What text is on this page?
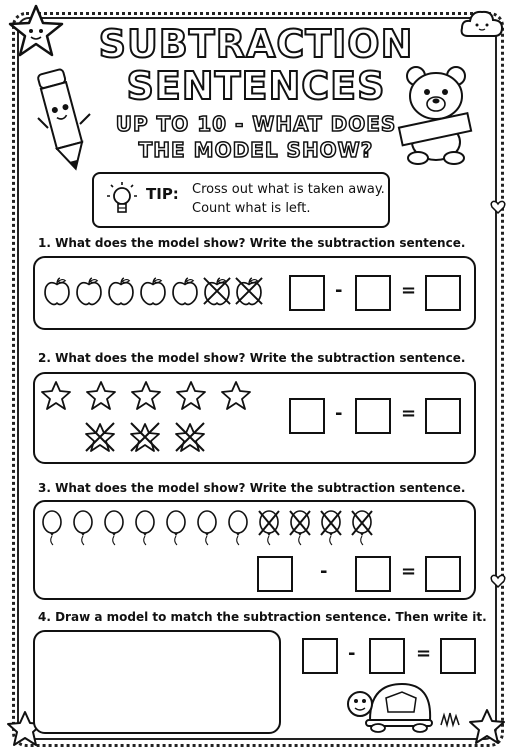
SUBTRACTION
SENTENCES
UP TO 10 - WHAT DOES
THE MODEL SHOW?
TIP: Cross out what is taken away.
Count what is left.
1. What does the model show? Write the subtraction sentence.
-	=
2. What does the model show? Write the subtraction sentence.
-	=
3. What does the model show? Write the subtraction sentence.
-	=
4. Draw a model to match the subtraction sentence. Then write it.
-	=
